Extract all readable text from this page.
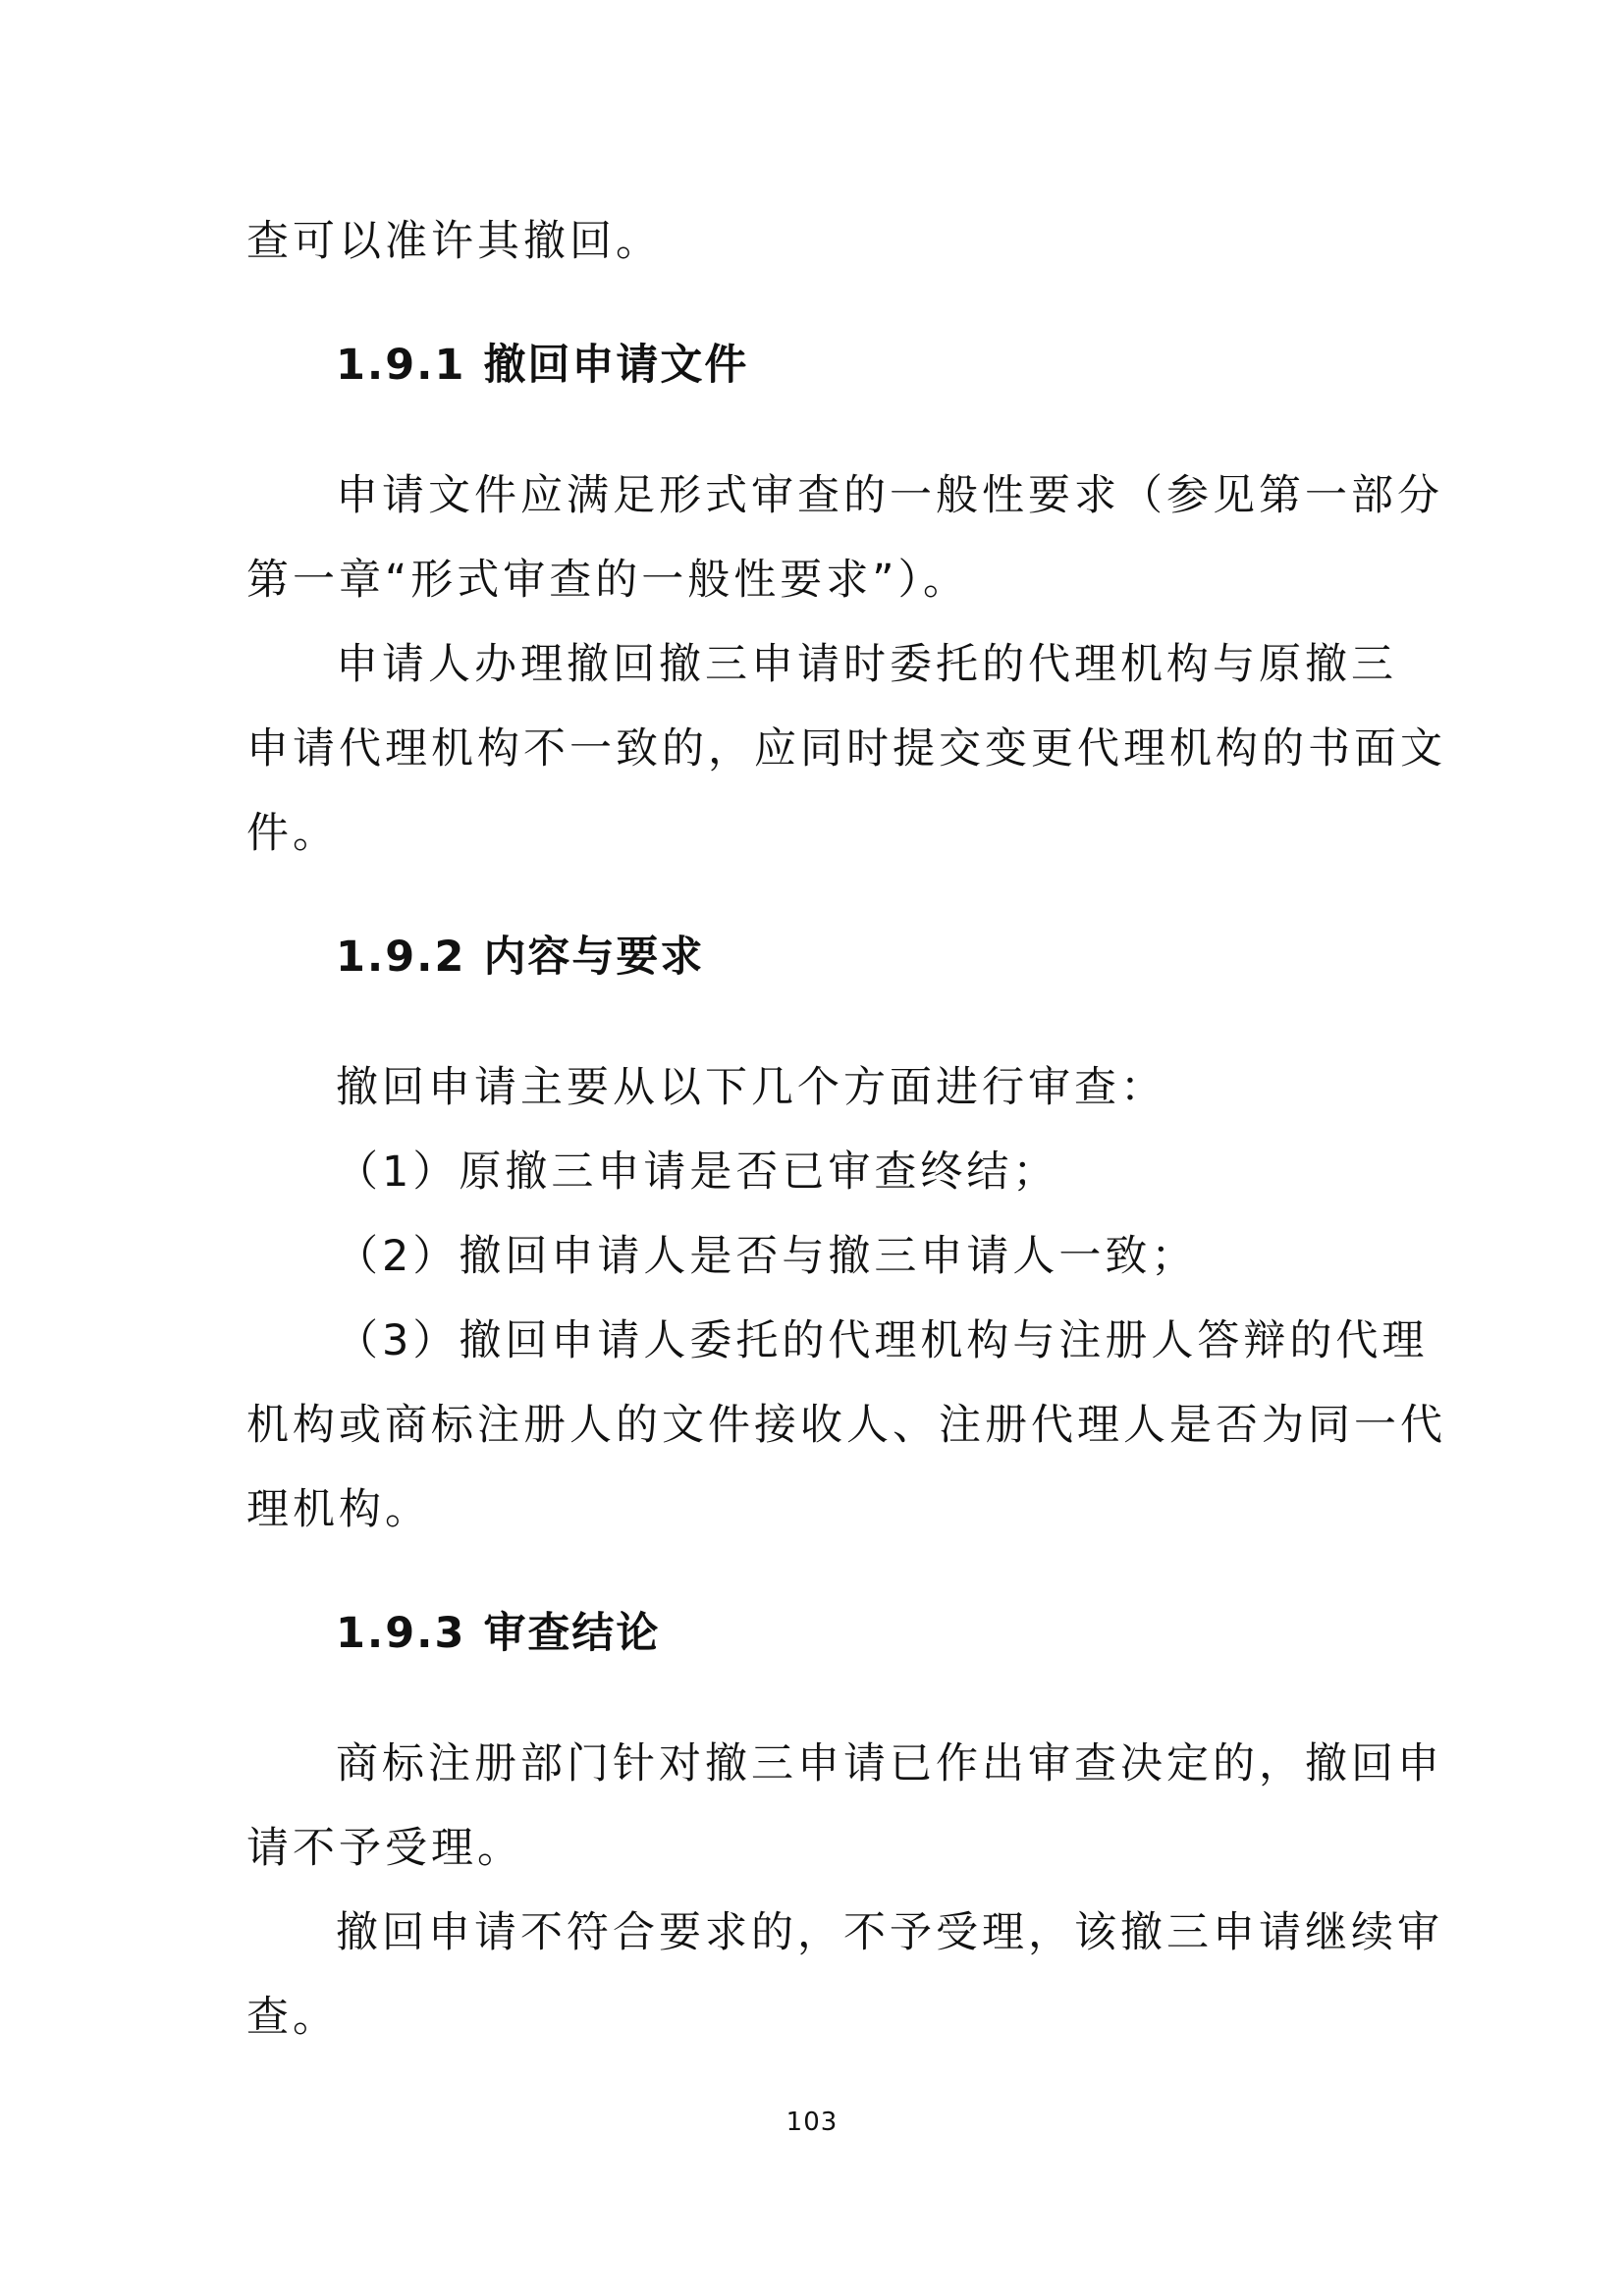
查可以准许其撤回。
1.9.1 撤回申请文件
申请文件应满足形式审查的一般性要求（参见第一部分
第一章“形式审查的一般性要求”）。
申请人办理撤回撤三申请时委托的代理机构与原撤三
申请代理机构不一致的，应同时提交变更代理机构的书面文
件。
1.9.2 内容与要求
撤回申请主要从以下几个方面进行审查：
（1）原撤三申请是否已审查终结；
（2）撤回申请人是否与撤三申请人一致；
（3）撤回申请人委托的代理机构与注册人答辩的代理
机构或商标注册人的文件接收人、注册代理人是否为同一代
理机构。
1.9.3 审查结论
商标注册部门针对撤三申请已作出审查决定的，撤回申
请不予受理。
撤回申请不符合要求的，不予受理，该撤三申请继续审
查。
103
